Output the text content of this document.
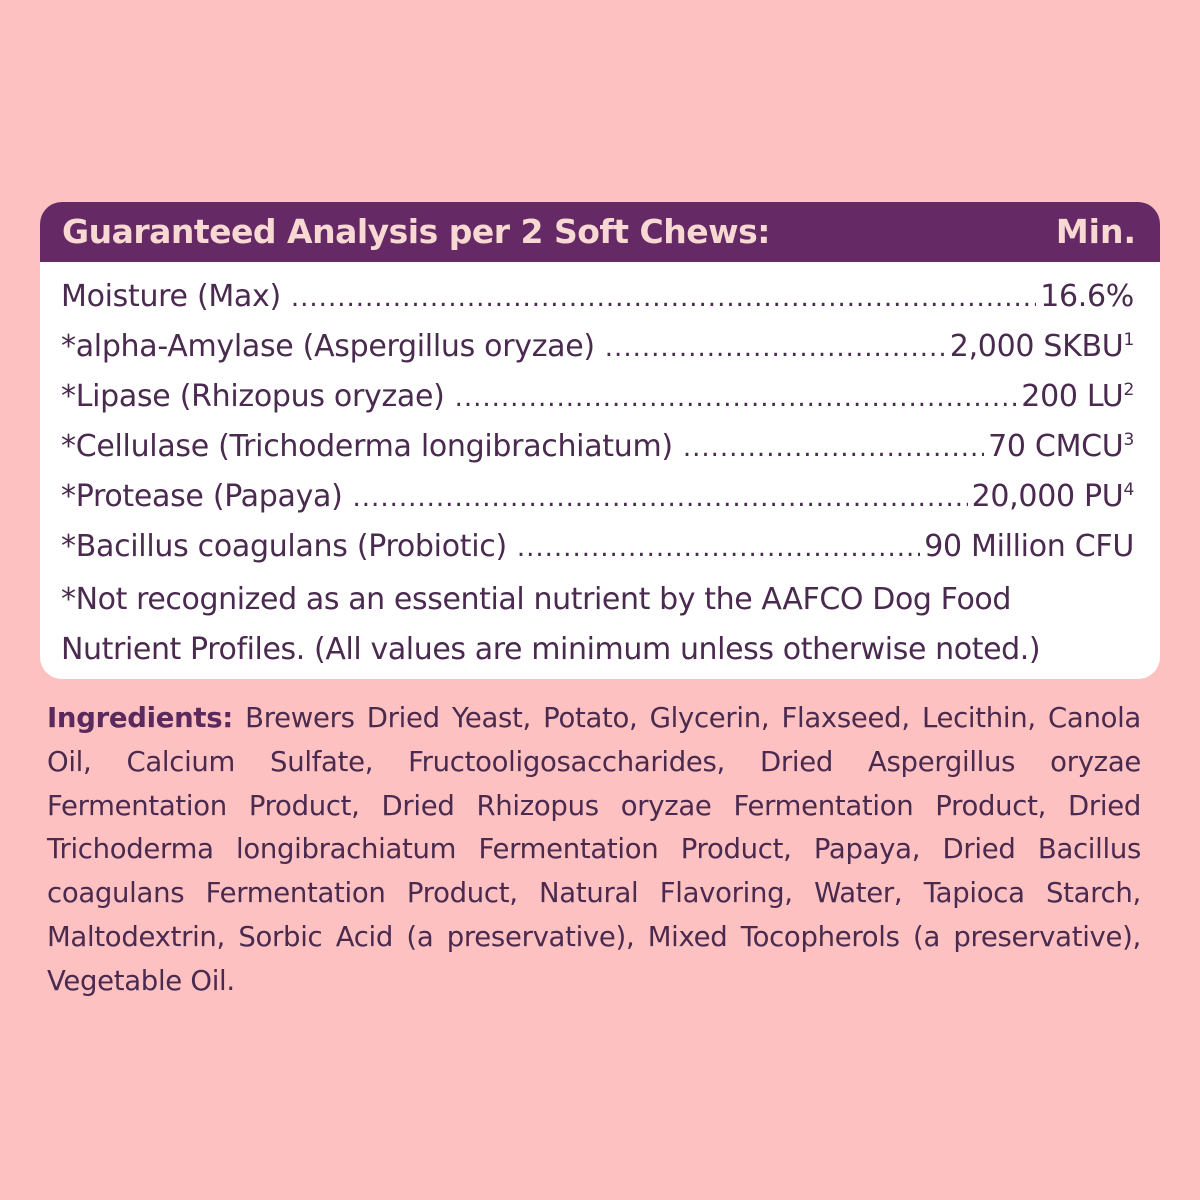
Guaranteed Analysis per 2 Soft Chews:	Min.
Moisture (Max) .....	16.6%
*alpha-Amylase (Aspergillus oryzae) .....	2,000 SKBU$^1$
*Lipase (Rhizopus oryzae) .....	200 $LU^2$
*Cellulase (Trichoderma longibrachiatum) .....	70 CMCU$^3$
*Protease (Papaya) .....	20,000 $PU^4$
*Bacillus coagulans (Probiotic) .....	90 Million CFU
*Not recognized as an essential nutrient by the AAFCO Dog Food
Nutrient Profiles. (All values are minimum unless otherwise noted.)
Ingredients: Brewers Dried Yeast, Potato, Glycerin, Flaxseed, Lecithin, Canola Oil, Calcium Sulfate, Fructooligosaccharides, Dried Aspergillus oryzae Fermentation Product, Dried Rhizopus oryzae Fermentation Product, Dried Trichoderma longibrachiatum Fermentation Product, Papaya, Dried Bacillus coagulans Fermentation Product, Natural Flavoring, Water, Tapioca Starch, Maltodextrin, Sorbic Acid (a preservative), Mixed Tocopherols (a preservative), Vegetable Oil.
